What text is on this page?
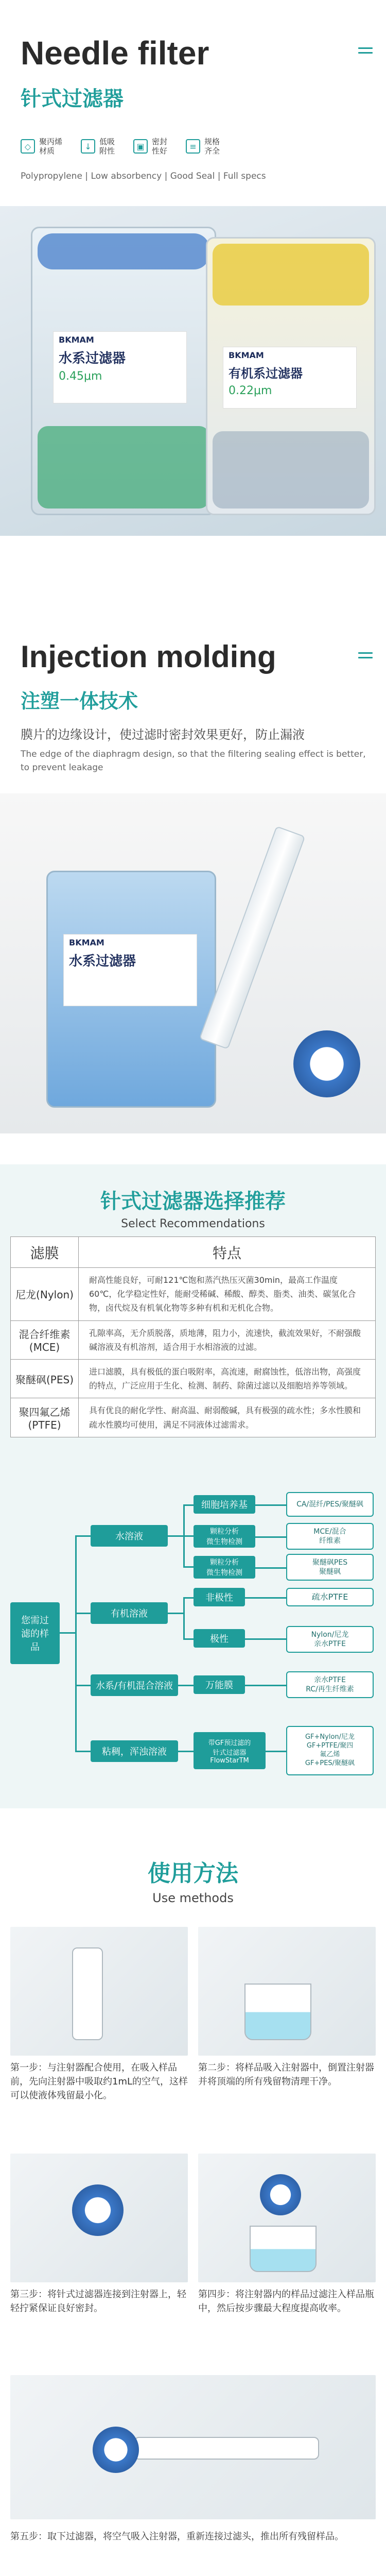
Needle filter
针式过滤器
◇	聚丙烯
材质	↓	低吸
附性	▣ 密封
性好	≡	规格
齐全
Polypropylene | Low absorbency | Good Seal | Full specs
BKMAM
水系过滤器
0.45μm
BKMAM
有机系过滤器
0.22μm
Injection molding
注塑一体技术
膜片的边缘设计，使过滤时密封效果更好，防止漏液
The edge of the diaphragm design, so that the filtering sealing effect is better, to prevent leakage
BKMAM
水系过滤器
针式过滤器选择推荐
Select Recommendations
滤膜	特点
尼龙(Nylon)	耐高性能良好，可耐121℃饱和蒸汽热压灭菌30min，最高工作温度60℃，化学稳定性好，能耐受稀碱、稀酸、醇类、脂类、油类、碳氢化合物，卤代烷及有机氧化物等多种有机和无机化合物。
混合纤维素
(MCE)	孔隙率高，无介质脱落，质地薄，阻力小，流速快，截流效果好，不耐强酸碱溶液及有机溶剂，适合用于水相溶液的过滤。
聚醚砜(PES)	进口滤膜，具有极低的蛋白吸附率，高流速，耐腐蚀性，低溶出物，高强度的特点，广泛应用于生化、检测、制药、除菌过滤以及细胞培养等领域。
聚四氟乙烯
(PTFE)	具有优良的耐化学性、耐高温、耐弱酸碱，具有极强的疏水性；多水性膜和疏水性膜均可使用，满足不同液体过滤需求。
您需过
滤的样
品
水溶液
有机溶液
水系/有机混合溶液
粘稠，浑浊溶液
细胞培养基
颗粒分析
微生物检测
颗粒分析
微生物检测
非极性
极性
万能膜
带GF预过滤的
针式过滤器
FlowStarTM
CA/混纤/PES/聚醚砜
MCE/混合
纤维素
聚醚砜PES
聚醚砜
疏水PTFE
Nylon/尼龙
亲水PTFE
亲水PTFE
RC/再生纤维素
GF+Nylon/尼龙
GF+PTFE/聚四
氟乙烯
GF+PES/聚醚砜
使用方法
Use methods
第一步：与注射器配合使用，在吸入样品前，先向注射器中吸取约1mL的空气，这样可以使液体残留最小化。
第二步：将样品吸入注射器中，倒置注射器并将顶端的所有残留物清理干净。
第三步：将针式过滤器连接到注射器上，轻轻拧紧保证良好密封。
第四步：将注射器内的样品过滤注入样品瓶中，然后按步骤最大程度提高收率。
第五步：取下过滤器，将空气吸入注射器，重新连接过滤头，推出所有残留样品。
